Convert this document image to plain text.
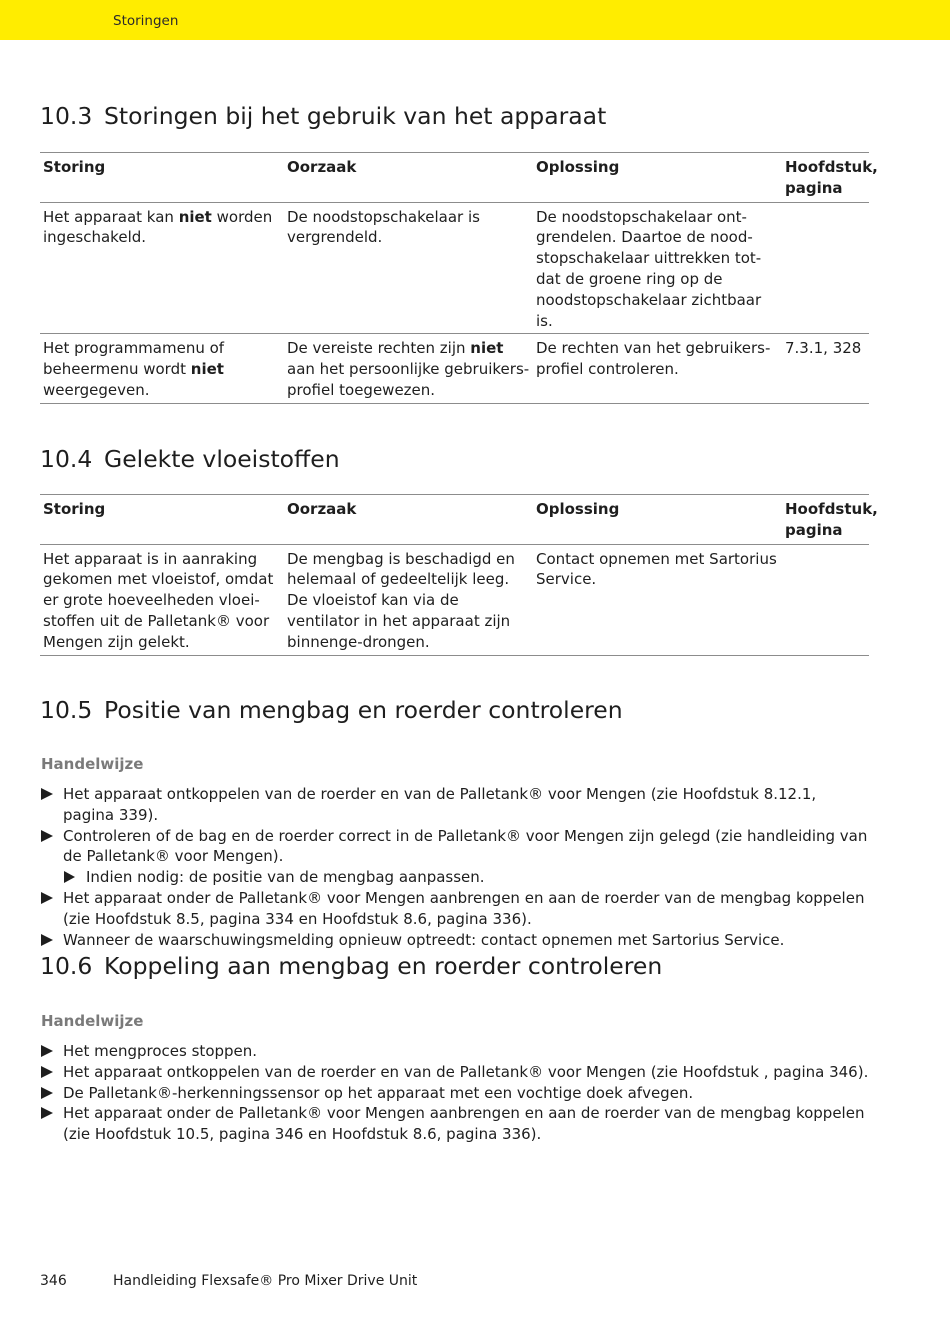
Storingen
10.3 Storingen bij het gebruik van het apparaat
Storing	Oorzaak	Oplossing	Hoofdstuk, pagina
Het apparaat kan niet worden ingeschakeld.	De noodstopschakelaar is vergrendeld.	De noodstopschakelaar ont-grendelen. Daartoe de nood-stopschakelaar uittrekken tot-dat de groene ring op de noodstopschakelaar zichtbaar is.	
Het programmamenu of beheermenu wordt niet weergegeven.	De vereiste rechten zijn niet aan het persoonlijke gebruikers-profiel toegewezen.	De rechten van het gebruikers-profiel controleren.	7.3.1, 328
10.4 Gelekte vloeistoffen
Storing	Oorzaak	Oplossing	Hoofdstuk, pagina
Het apparaat is in aanraking gekomen met vloeistof, omdat er grote hoeveelheden vloei-stoffen uit de Palletank® voor Mengen zijn gelekt.	De mengbag is beschadigd en helemaal of gedeeltelijk leeg. De vloeistof kan via de ventilator in het apparaat zijn binnenge-drongen.	Contact opnemen met Sartorius Service.	
10.5 Positie van mengbag en roerder controleren
Handelwijze
Het apparaat ontkoppelen van de roerder en van de Palletank® voor Mengen (zie Hoofdstuk 8.12.1, pagina 339).
Controleren of de bag en de roerder correct in de Palletank® voor Mengen zijn gelegd (zie handleiding van de Palletank® voor Mengen).
Indien nodig: de positie van de mengbag aanpassen.
Het apparaat onder de Palletank® voor Mengen aanbrengen en aan de roerder van de mengbag koppelen (zie Hoofdstuk 8.5, pagina 334 en Hoofdstuk 8.6, pagina 336).
Wanneer de waarschuwingsmelding opnieuw optreedt: contact opnemen met Sartorius Service.
10.6 Koppeling aan mengbag en roerder controleren
Handelwijze
Het mengproces stoppen.
Het apparaat ontkoppelen van de roerder en van de Palletank® voor Mengen (zie Hoofdstuk , pagina 346).
De Palletank®-herkenningssensor op het apparaat met een vochtige doek afvegen.
Het apparaat onder de Palletank® voor Mengen aanbrengen en aan de roerder van de mengbag koppelen (zie Hoofdstuk 10.5, pagina 346 en Hoofdstuk 8.6, pagina 336).
346	Handleiding Flexsafe® Pro Mixer Drive Unit
